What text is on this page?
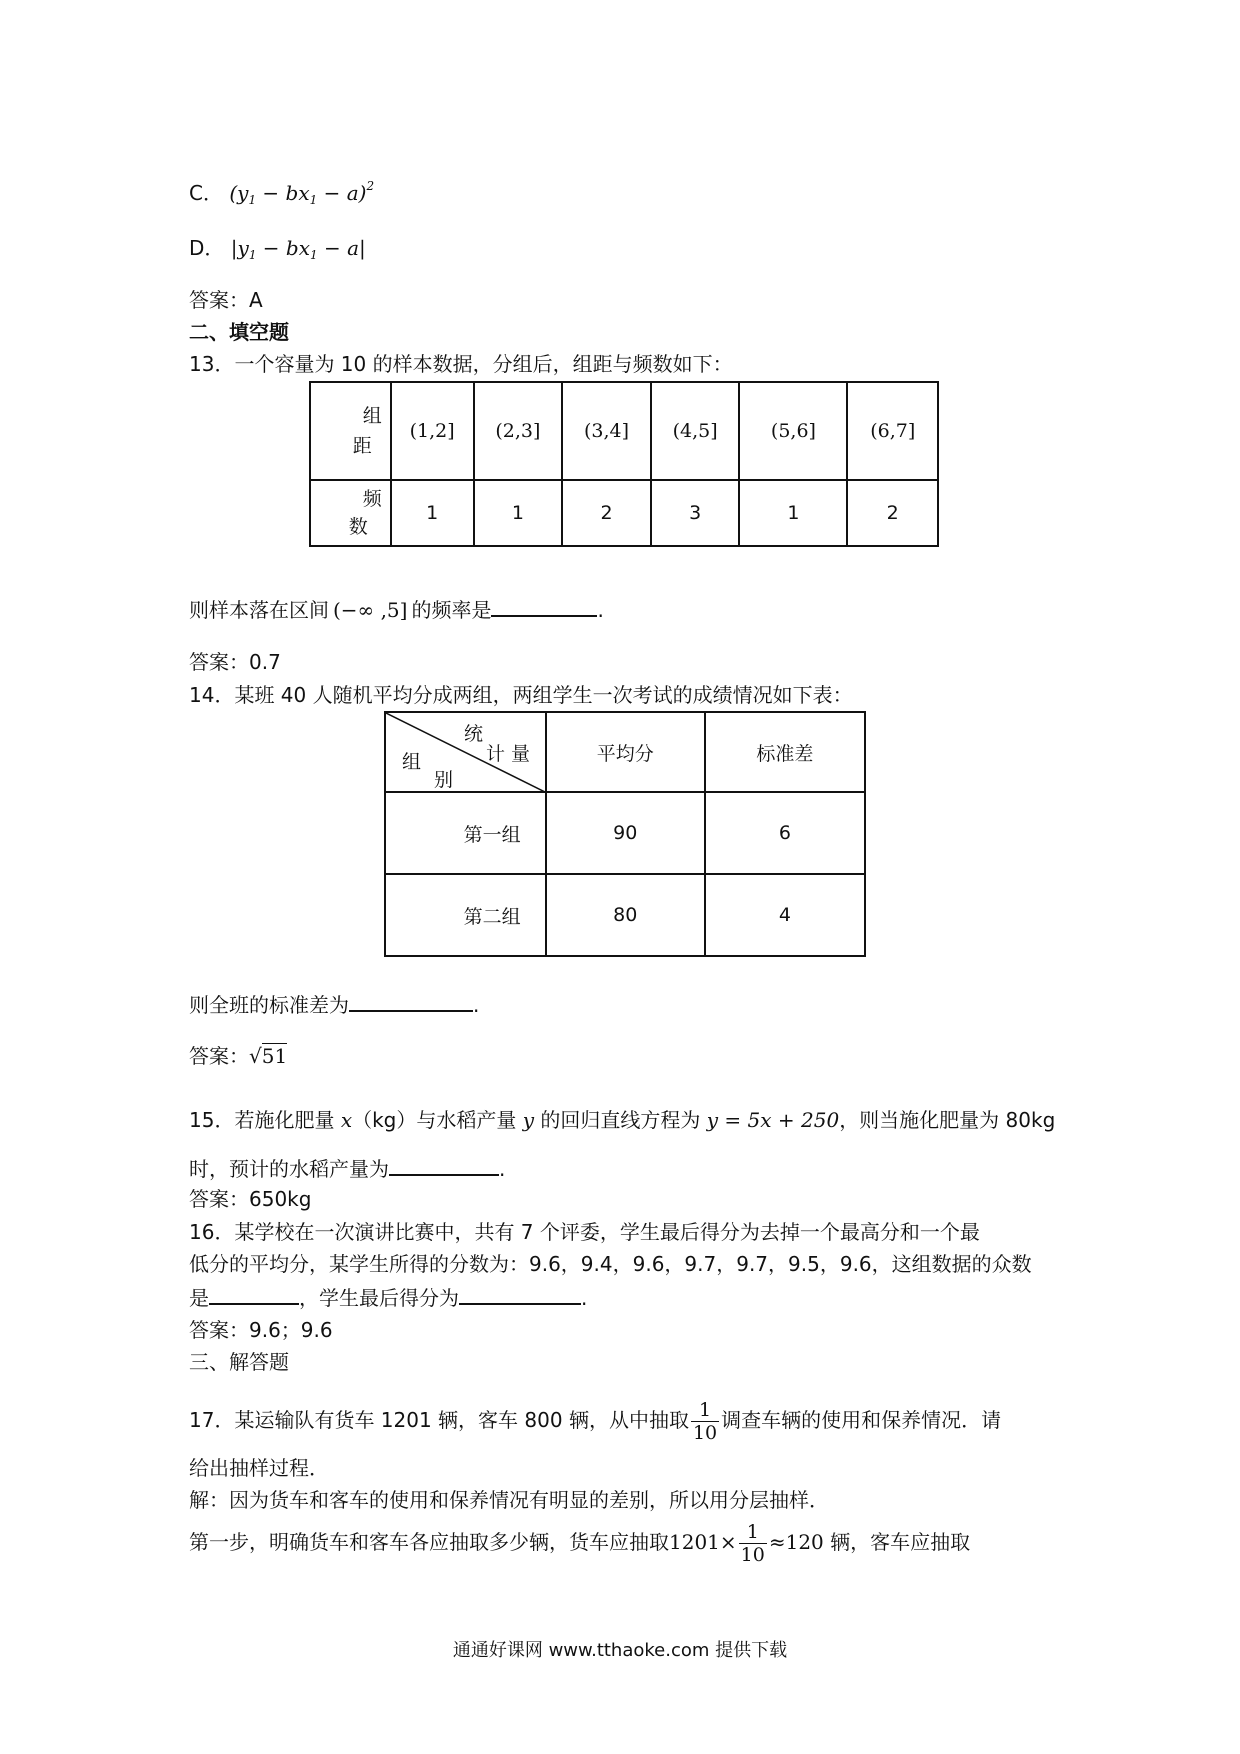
C． $(y_1 - bx_1 - a)^2$
D． $|y_1 - bx_1 - a|$
答案：A
二、填空题
13．一个容量为 10 的样本数据，分组后，组距与频数如下：
组
距	(1,2]	(2,3]	(3,4]	(4,5]	(5,6]	(6,7]

频
数	1	1	2	3	1	2
则样本落在区间 (−∞ ,5] 的频率是	.
答案：0.7
14．某班 40 人随机平均分成两组，两组学生一次考试的成绩情况如下表：
统
计 量
组
别	平均分	标准差
第一组	90	6
第二组	80	4
则全班的标准差为	.
答案：√51
15．若施化肥量 x（kg）与水稻产量 y 的回归直线方程为 y = 5x + 250，则当施化肥量为 80kg
时，预计的水稻产量为	.
答案：650kg
16．某学校在一次演讲比赛中，共有 7 个评委，学生最后得分为去掉一个最高分和一个最
低分的平均分，某学生所得的分数为：9.6，9.4，9.6，9.7，9.7，9.5，9.6，这组数据的众数
是	，学生最后得分为	.
答案：9.6；9.6
三、解答题
17．某运输队有货车 1201 辆，客车 800 辆，从中抽取 $\frac{1}{10}$ 调查车辆的使用和保养情况．请
给出抽样过程．
解：因为货车和客车的使用和保养情况有明显的差别，所以用分层抽样．
第一步，明确货车和客车各应抽取多少辆，货车应抽取$1201\times \frac{1}{10} \approx 120$ 辆，客车应抽取
通通好课网 www.tthaoke.com 提供下载
